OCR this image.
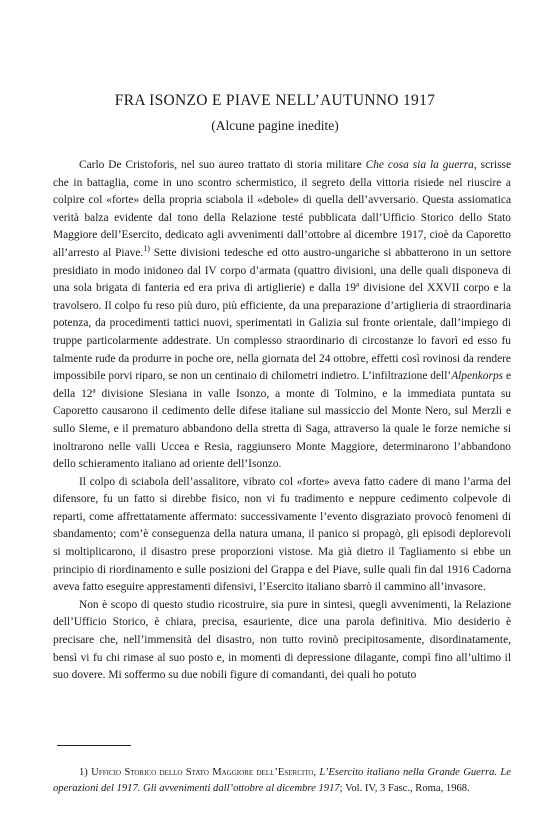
FRA ISONZO E PIAVE NELL’AUTUNNO 1917
(Alcune pagine inedite)

Carlo De Cristoforis, nel suo aureo trattato di storia militare Che cosa sia la guerra, scrisse che in battaglia, come in uno scontro schermistico, il segreto della vittoria risiede nel riuscire a colpire col «forte» della propria sciabola il «debole» di quella dell’avversario. Questa assiomatica verità balza evidente dal tono della Relazione testé pubblicata dall’Ufficio Storico dello Stato Maggiore dell’Esercito, dedicato agli avvenimenti dall’ottobre al dicembre 1917, cioè da Caporetto all’arresto al Piave.$^{1)}$ Sette divisioni tedesche ed otto austro-ungariche si abbatterono in un settore presidiato in modo inidoneo dal IV corpo d’armata (quattro divisioni, una delle quali disponeva di una sola brigata di fanteria ed era priva di artiglierie) e dalla 19ª divisione del XXVII corpo e la travolsero. Il colpo fu reso più duro, più efficiente, da una preparazione d’artiglieria di straordinaria potenza, da procedimenti tattici nuovi, sperimentati in Galizia sul fronte orientale, dall’impiego di truppe particolarmente addestrate. Un complesso straordinario di circostanze lo favorì ed esso fu talmente rude da produrre in poche ore, nella giornata del 24 ottobre, effetti così rovinosi da rendere impossibile porvi riparo, se non un centinaio di chilometri indietro. L’infiltrazione dell’Alpenkorps e della 12ª divisione Slesiana in valle Isonzo, a monte di Tolmino, e la immediata puntata su Caporetto causarono il cedimento delle difese italiane sul massiccio del Monte Nero, sul Merzli e sullo Sleme, e il prematuro abbandono della stretta di Saga, attraverso la quale le forze nemiche si inoltrarono nelle valli Uccea e Resia, raggiunsero Monte Maggiore, determinarono l’abbandono dello schieramento italiano ad oriente dell’Isonzo.

Il colpo di sciabola dell’assalitore, vibrato col «forte» aveva fatto cadere di mano l’arma del difensore, fu un fatto si direbbe fisico, non vi fu tradimento e neppure cedimento colpevole di reparti, come affrettatamente affermato: successivamente l’evento disgraziato provocò fenomeni di sbandamento; com’è conseguenza della natura umana, il panico si propagò, gli episodi deplorevoli si moltiplicarono, il disastro prese proporzioni vistose. Ma già dietro il Tagliamento si ebbe un principio di riordinamento e sulle posizioni del Grappa e del Piave, sulle quali fin dal 1916 Cadorna aveva fatto eseguire apprestamenti difensivi, l’Esercito italiano sbarrò il cammino all’invasore.

Non è scopo di questo studio ricostruire, sia pure in sintesi, quegli avvenimenti, la Relazione dell’Ufficio Storico, è chiara, precisa, esauriente, dice una parola definitiva. Mio desiderio è precisare che, nell’immensità del disastro, non tutto rovinò precipitosamente, disordinatamente, bensì vi fu chi rimase al suo posto e, in momenti di depressione dilagante, compì fino all’ultimo il suo dovere. Mi soffermo su due nobili figure di comandanti, dei quali ho potuto

1) Ufficio Storico dello Stato Maggiore dell’Esercito, L’Esercito italiano nella Grande Guerra. Le operazioni del 1917. Gli avvenimenti dall’ottobre al dicembre 1917; Vol. IV, 3 Fasc., Roma, 1968.
